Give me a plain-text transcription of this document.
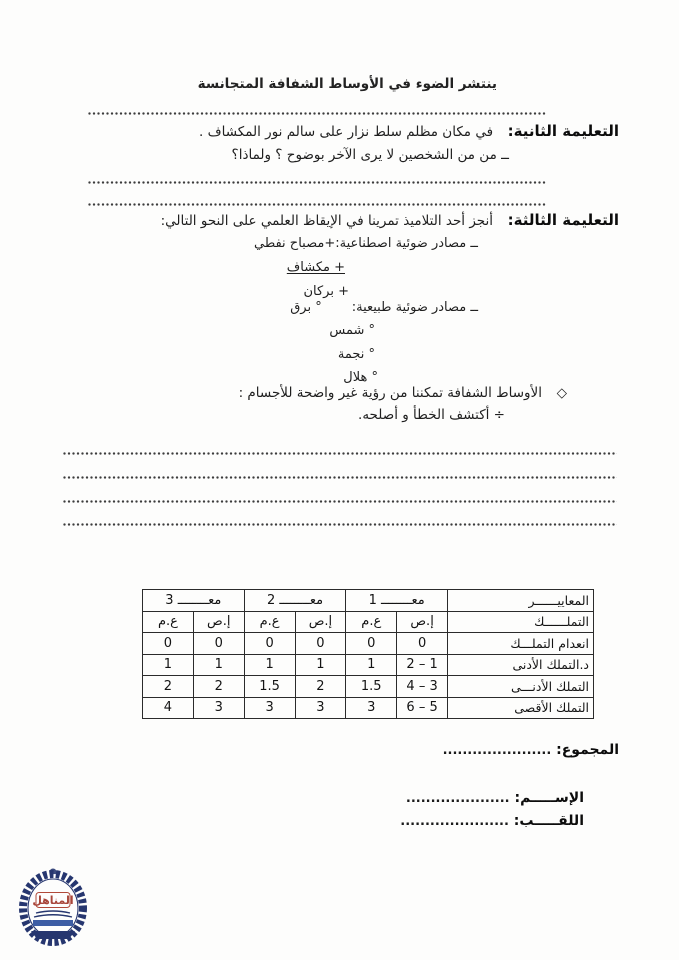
ينتشر الضوء في الأوساط الشفافة المتجانسة
التعليمة الثانية:  في مكان مظلم سلط نزار على سالم نور المكشاف .
ــ من من الشخصين لا يرى الآخر بوضوح ؟ ولماذا؟
التعليمة الثالثة:  أنجز أحد التلاميذ تمرينا في الإيقاظ العلمي على النحو التالي:
ــ مصادر ضوئية اصطناعية:+مصباح نفطي
+ مكشاف
+ بركان
ــ مصادر ضوئية طبيعية:° برق
° شمس
° نجمة
° هلال
◇  الأوساط الشفافة تمكننا من رؤية غير واضحة للأجسام :
÷ أكتشف الخطأ و أصلحه.
المعاييــــــر	معــــــــ 1		معــــــــ 2		معــــــــ 3	
التملــــــك	إ.ص	ع.م	إ.ص	ع.م	إ.ص	ع.م
انعدام التملـــك	0	0	0	0	0	0
د.التملك الأدنى	1 – 2	1	1	1	1	1
التملك الأدنـــى	3 – 4	1.5	2	1.5	2	2
التملك الأقصى	5 – 6	3	3	3	3	4
المجموع: ......................
الإســـــم: .....................
اللقـــــب: ......................
المناهل
